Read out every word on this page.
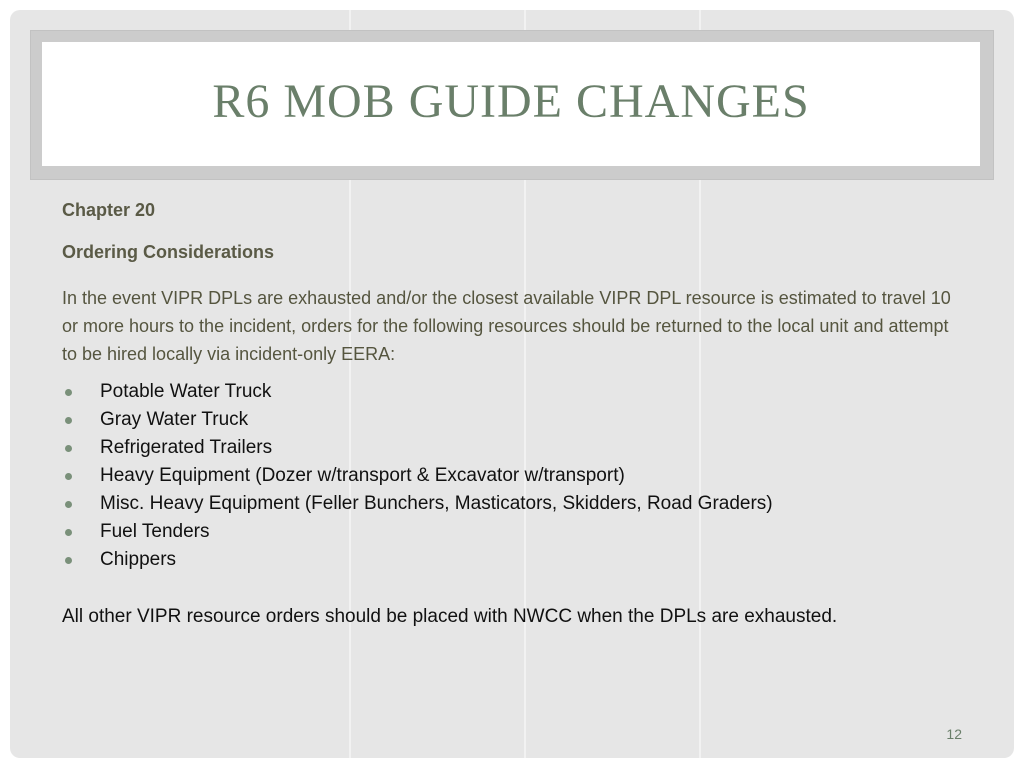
R6 MOB GUIDE CHANGES

Chapter 20

Ordering Considerations

In the event VIPR DPLs are exhausted and/or the closest available VIPR DPL resource is estimated to travel 10 or more hours to the incident, orders for the following resources should be returned to the local unit and attempt to be hired locally via incident-only EERA:

Potable Water Truck
Gray Water Truck
Refrigerated Trailers
Heavy Equipment (Dozer w/transport & Excavator w/transport)
Misc. Heavy Equipment (Feller Bunchers, Masticators, Skidders, Road Graders)
Fuel Tenders
Chippers

All other VIPR resource orders should be placed with NWCC when the DPLs are exhausted.

12
